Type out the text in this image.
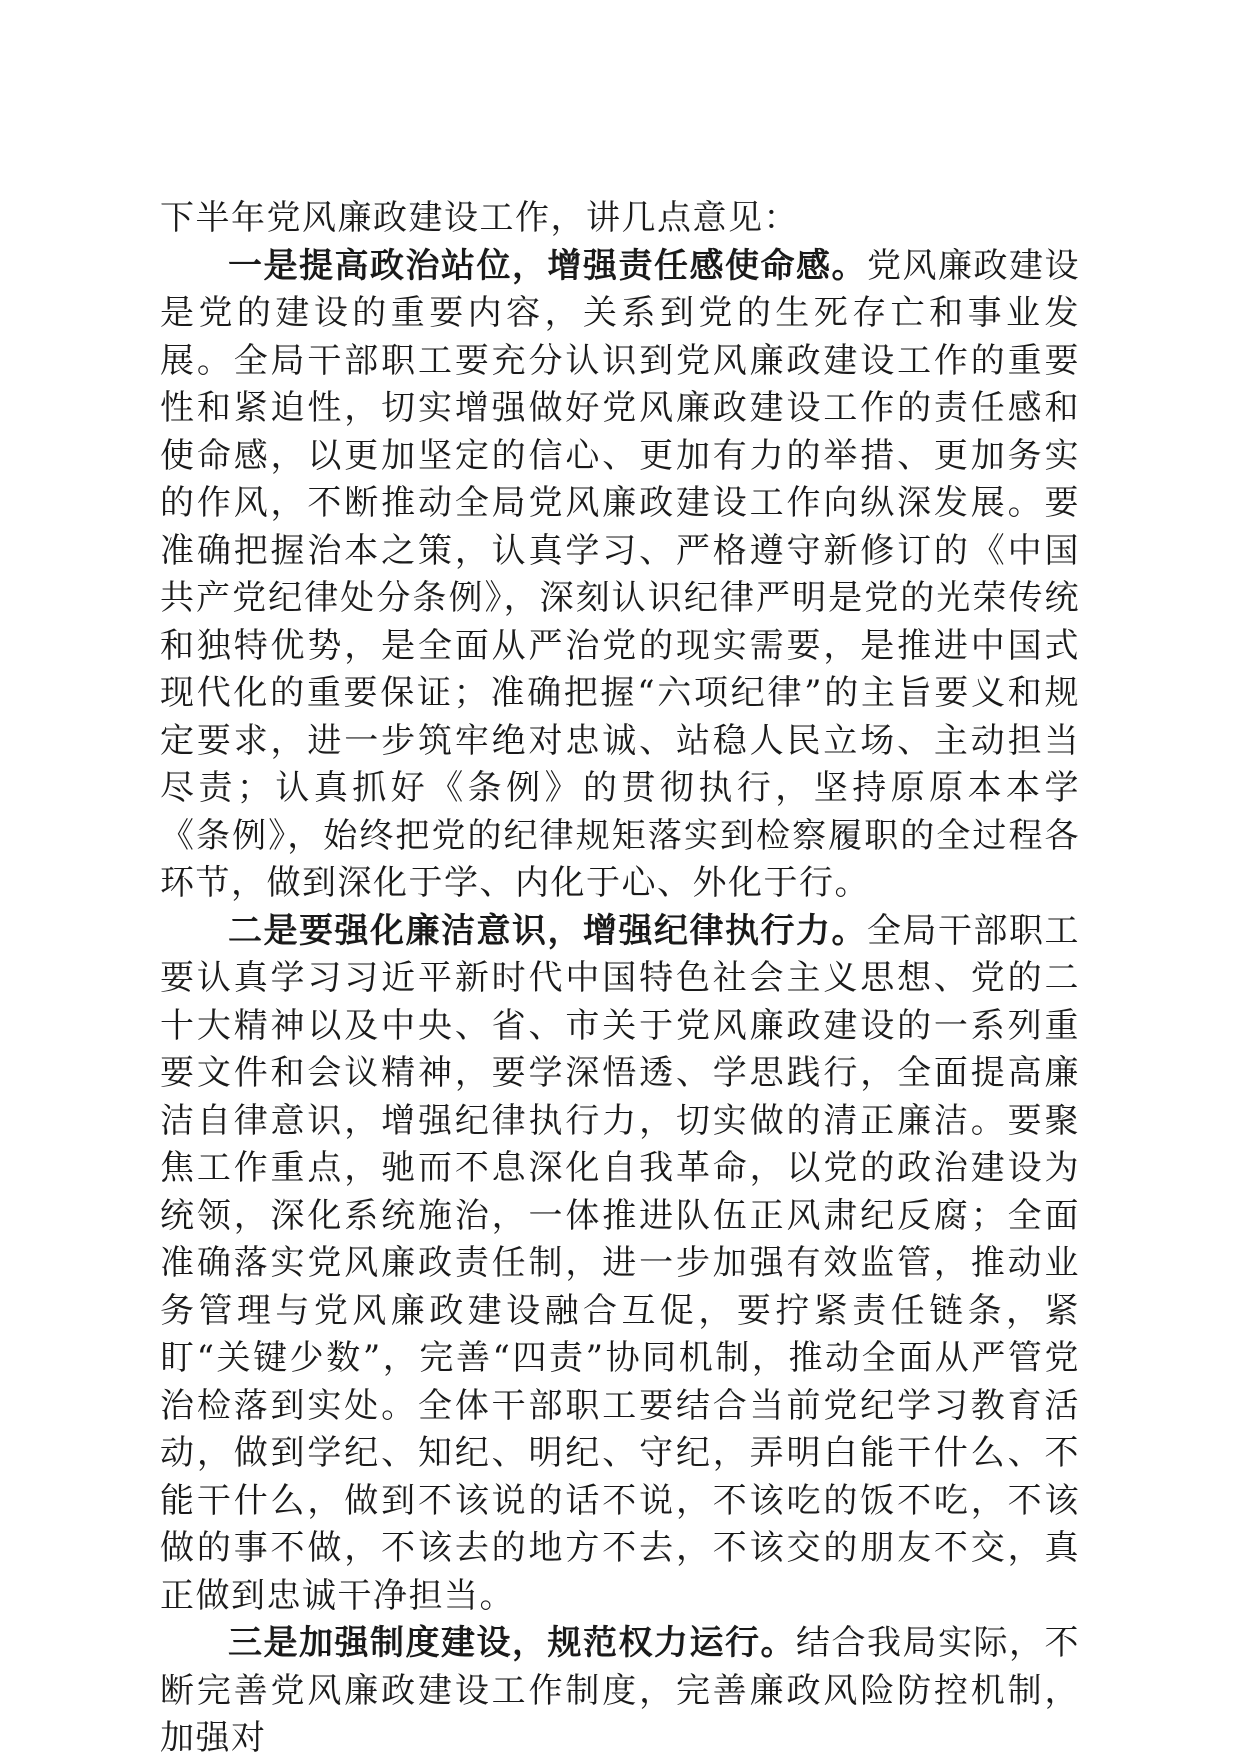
下半年党风廉政建设工作，讲几点意见：

一是提高政治站位，增强责任感使命感。党风廉政建设是党的建设的重要内容，关系到党的生死存亡和事业发展。全局干部职工要充分认识到党风廉政建设工作的重要性和紧迫性，切实增强做好党风廉政建设工作的责任感和使命感，以更加坚定的信心、更加有力的举措、更加务实的作风，不断推动全局党风廉政建设工作向纵深发展。要准确把握治本之策，认真学习、严格遵守新修订的《中国共产党纪律处分条例》，深刻认识纪律严明是党的光荣传统和独特优势，是全面从严治党的现实需要，是推进中国式现代化的重要保证；准确把握“六项纪律”的主旨要义和规定要求，进一步筑牢绝对忠诚、站稳人民立场、主动担当尽责；认真抓好《条例》的贯彻执行，坚持原原本本学《条例》，始终把党的纪律规矩落实到检察履职的全过程各环节，做到深化于学、内化于心、外化于行。

二是要强化廉洁意识，增强纪律执行力。全局干部职工要认真学习习近平新时代中国特色社会主义思想、党的二十大精神以及中央、省、市关于党风廉政建设的一系列重要文件和会议精神，要学深悟透、学思践行，全面提高廉洁自律意识，增强纪律执行力，切实做的清正廉洁。要聚焦工作重点，驰而不息深化自我革命，以党的政治建设为统领，深化系统施治，一体推进队伍正风肃纪反腐；全面准确落实党风廉政责任制，进一步加强有效监管，推动业务管理与党风廉政建设融合互促，要拧紧责任链条，紧盯“关键少数”，完善“四责”协同机制，推动全面从严管党治检落到实处。全体干部职工要结合当前党纪学习教育活动，做到学纪、知纪、明纪、守纪，弄明白能干什么、不能干什么，做到不该说的话不说，不该吃的饭不吃，不该做的事不做，不该去的地方不去，不该交的朋友不交，真正做到忠诚干净担当。

三是加强制度建设，规范权力运行。结合我局实际，不断完善党风廉政建设工作制度，完善廉政风险防控机制，加强对
